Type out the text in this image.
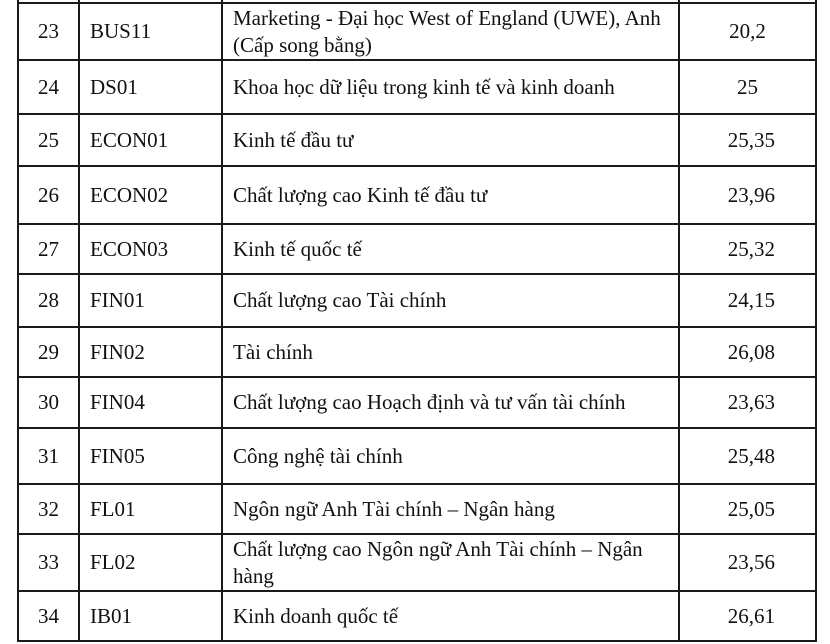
23	BUS11	Marketing - Đại học West of England (UWE), Anh (Cấp song bằng)	20,2
24	DS01	Khoa học dữ liệu trong kinh tế và kinh doanh	25
25	ECON01	Kinh tế đầu tư	25,35
26	ECON02	Chất lượng cao Kinh tế đầu tư	23,96
27	ECON03	Kinh tế quốc tế	25,32
28	FIN01	Chất lượng cao Tài chính	24,15
29	FIN02	Tài chính	26,08
30	FIN04	Chất lượng cao Hoạch định và tư vấn tài chính	23,63
31	FIN05	Công nghệ tài chính	25,48
32	FL01	Ngôn ngữ Anh Tài chính – Ngân hàng	25,05
33	FL02	Chất lượng cao Ngôn ngữ Anh Tài chính – Ngân hàng	23,56
34	IB01	Kinh doanh quốc tế	26,61
